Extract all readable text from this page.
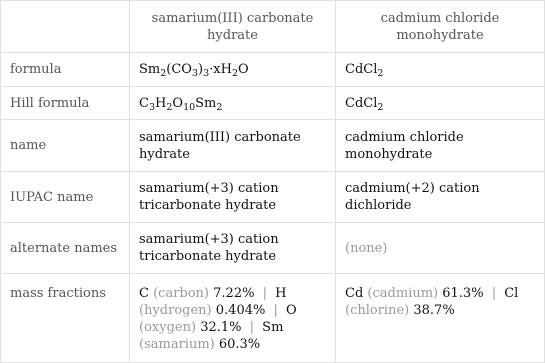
	samarium(III) carbonate hydrate	cadmium chloride monohydrate
formula	$Sm_2(CO_3)_3\cdot xH_2O$	CdCl$_2$
Hill formula	$C_3H_2O_{10}Sm_2$	CdCl$_2$
name	samarium(III) carbonate hydrate	cadmium chloride monohydrate
IUPAC name	samarium(+3) cation tricarbonate hydrate	cadmium(+2) cation dichloride
alternate names	samarium(+3) cation tricarbonate hydrate	(none)
mass fractions	C (carbon) 7.22% | H (hydrogen) 0.404% | O (oxygen) 32.1% | Sm (samarium) 60.3%	Cd (cadmium) 61.3% | Cl (chlorine) 38.7%
